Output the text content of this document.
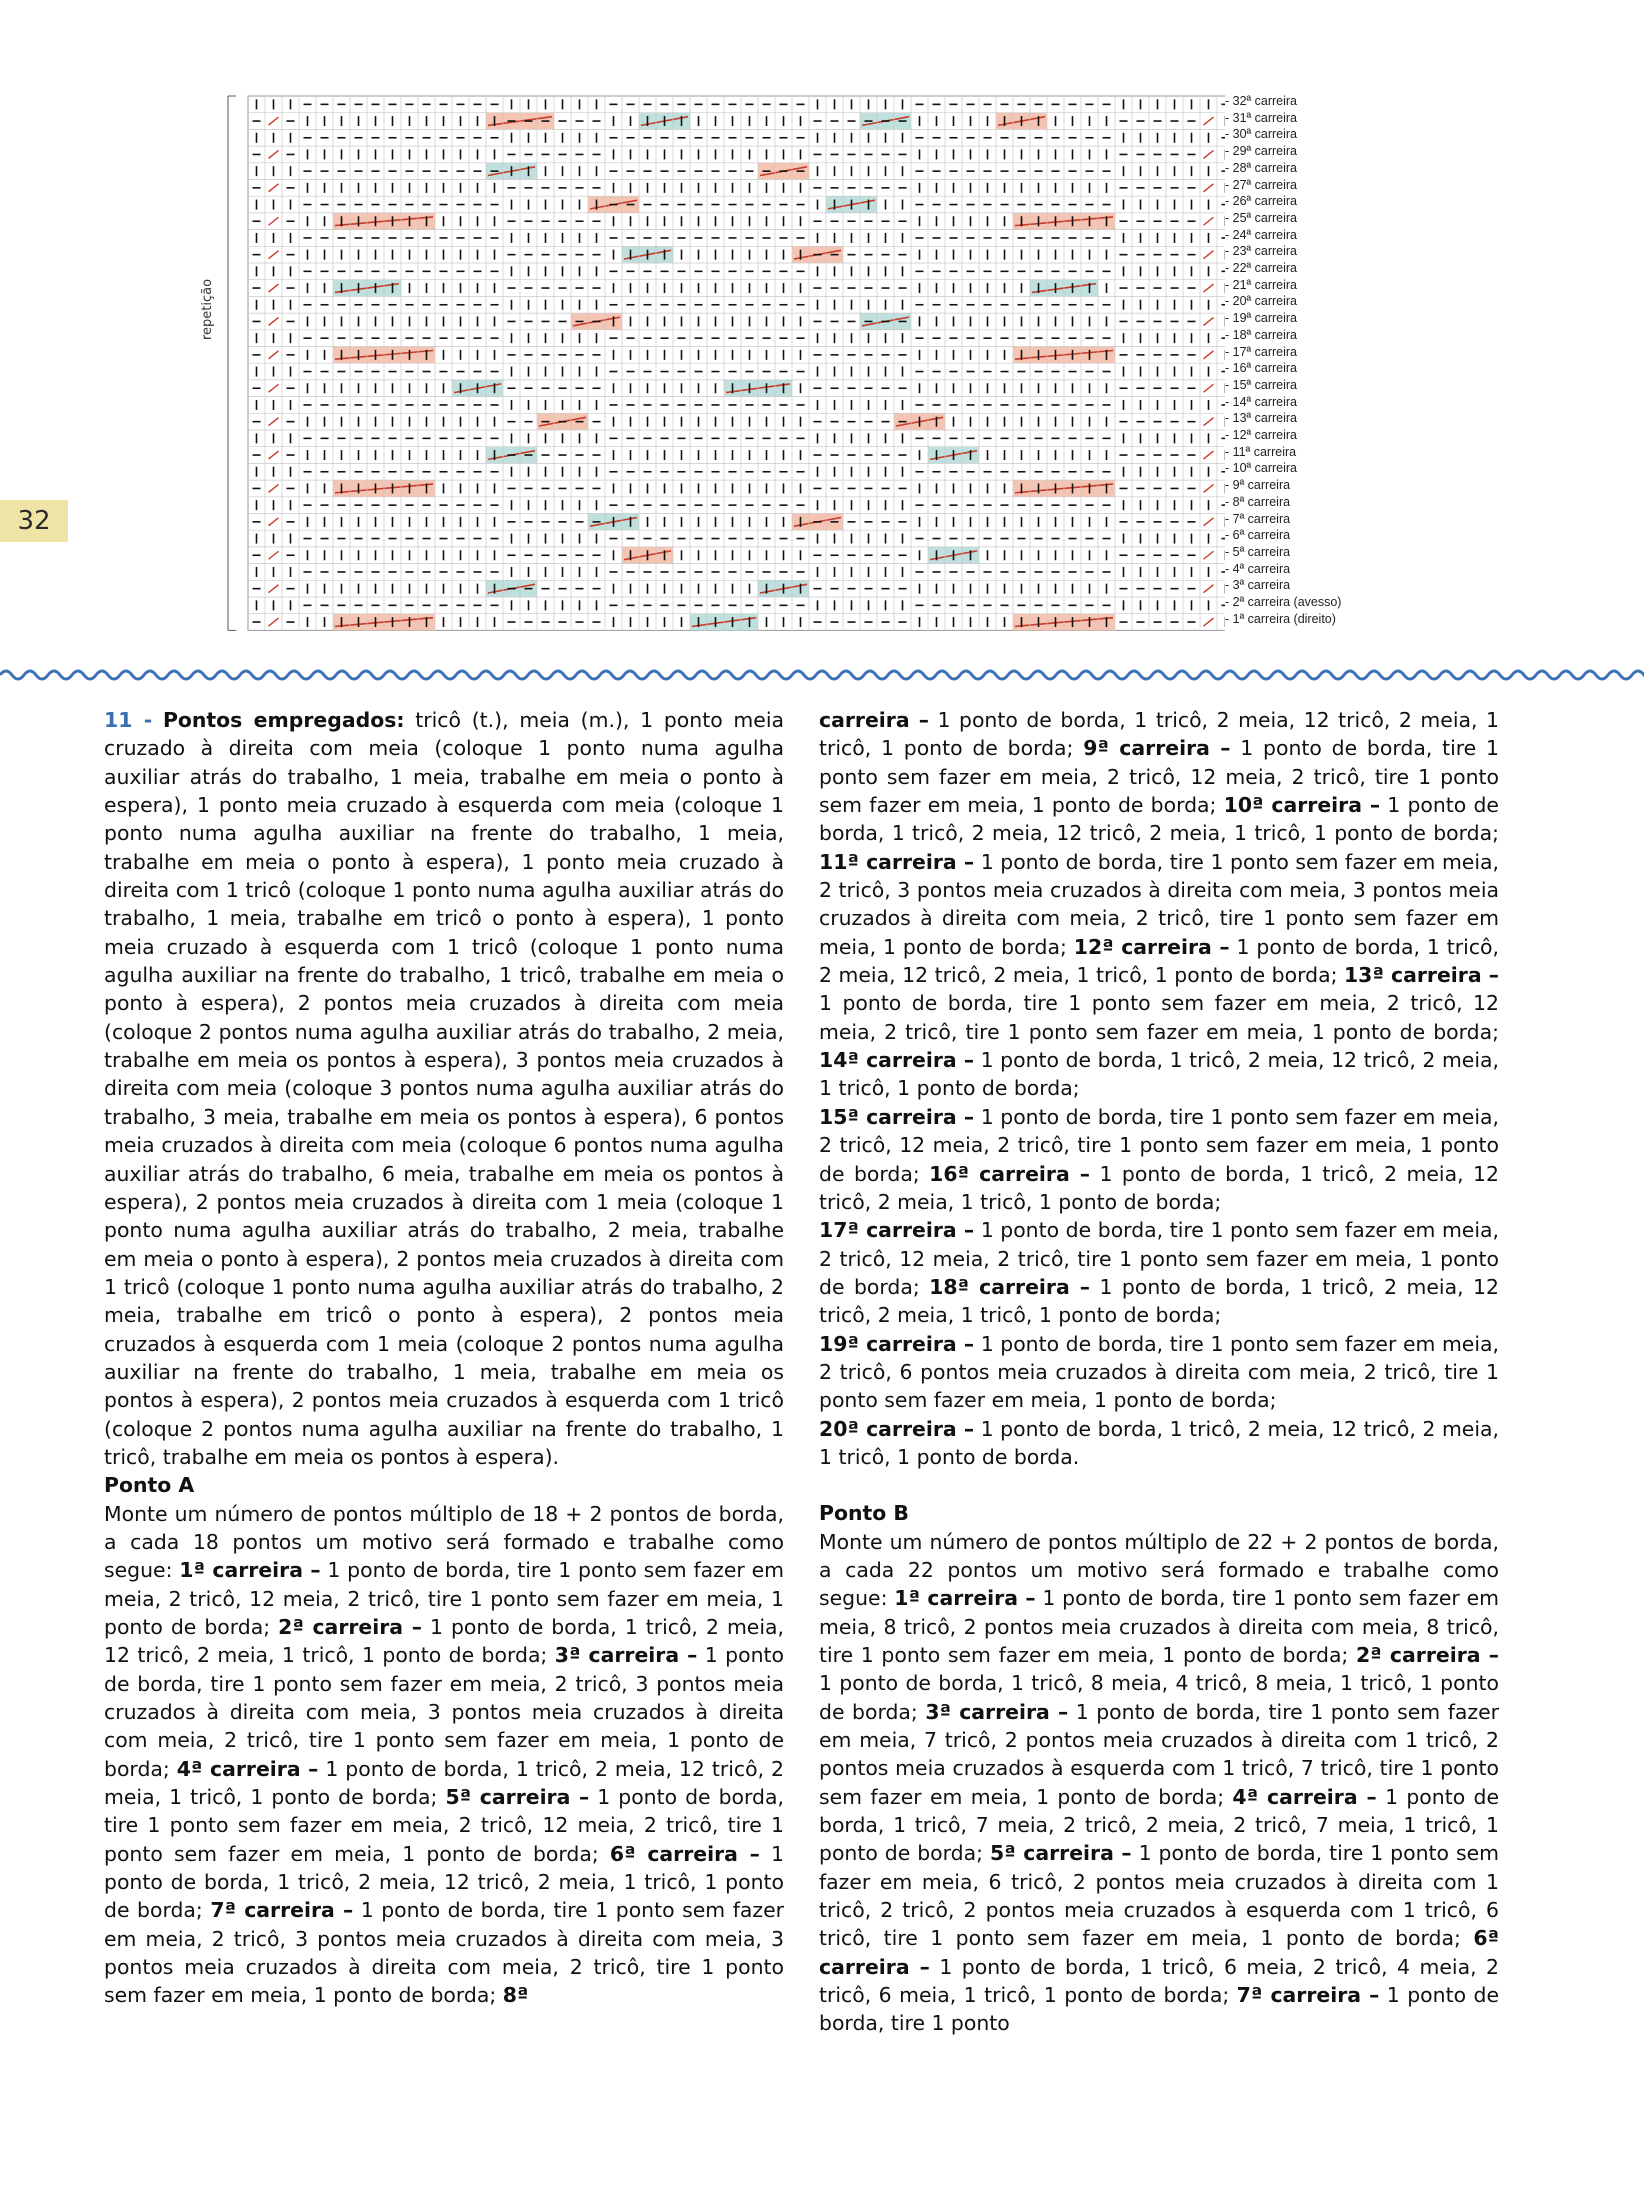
32
repetição
- 32ª carreira
- 31ª carreira
- 30ª carreira
- 29ª carreira
- 28ª carreira
- 27ª carreira
- 26ª carreira
- 25ª carreira
- 24ª carreira
- 23ª carreira
- 22ª carreira
- 21ª carreira
- 20ª carreira
- 19ª carreira
- 18ª carreira
- 17ª carreira
- 16ª carreira
- 15ª carreira
- 14ª carreira
- 13ª carreira
- 12ª carreira
- 11ª carreira
- 10ª carreira
- 9ª carreira
- 8ª carreira
- 7ª carreira
- 6ª carreira
- 5ª carreira
- 4ª carreira
- 3ª carreira
- 2ª carreira (avesso)
- 1ª carreira (direito)

11 - Pontos empregados: tricô (t.), meia (m.), 1 ponto meia cruzado à direita com meia (coloque 1 ponto numa agulha auxiliar atrás do trabalho, 1 meia, trabalhe em meia o ponto à espera), 1 ponto meia cruzado à esquerda com meia (coloque 1 ponto numa agulha auxiliar na frente do trabalho, 1 meia, trabalhe em meia o ponto à espera), 1 ponto meia cruzado à direita com 1 tricô (coloque 1 ponto numa agulha auxiliar atrás do trabalho, 1 meia, trabalhe em tricô o ponto à espera), 1 ponto meia cruzado à esquerda com 1 tricô (coloque 1 ponto numa agulha auxiliar na frente do trabalho, 1 tricô, trabalhe em meia o ponto à espera), 2 pontos meia cruzados à direita com meia (coloque 2 pontos numa agulha auxiliar atrás do trabalho, 2 meia, trabalhe em meia os pontos à espera), 3 pontos meia cruzados à direita com meia (coloque 3 pontos numa agulha auxiliar atrás do trabalho, 3 meia, trabalhe em meia os pontos à espera), 6 pontos meia cruzados à direita com meia (coloque 6 pontos numa agulha auxiliar atrás do trabalho, 6 meia, trabalhe em meia os pontos à espera), 2 pontos meia cruzados à direita com 1 meia (coloque 1 ponto numa agulha auxiliar atrás do trabalho, 2 meia, trabalhe em meia o ponto à espera), 2 pontos meia cruzados à direita com 1 tricô (coloque 1 ponto numa agulha auxiliar atrás do trabalho, 2 meia, trabalhe em tricô o ponto à espera), 2 pontos meia cruzados à esquerda com 1 meia (coloque 2 pontos numa agulha auxiliar na frente do trabalho, 1 meia, trabalhe em meia os pontos à espera), 2 pontos meia cruzados à esquerda com 1 tricô (coloque 2 pontos numa agulha auxiliar na frente do trabalho, 1 tricô, trabalhe em meia os pontos à espera).

Ponto A

Monte um número de pontos múltiplo de 18 + 2 pontos de borda, a cada 18 pontos um motivo será formado e trabalhe como segue: 1ª carreira – 1 ponto de borda, tire 1 ponto sem fazer em meia, 2 tricô, 12 meia, 2 tricô, tire 1 ponto sem fazer em meia, 1 ponto de borda; 2ª carreira – 1 ponto de borda, 1 tricô, 2 meia, 12 tricô, 2 meia, 1 tricô, 1 ponto de borda; 3ª carreira – 1 ponto de borda, tire 1 ponto sem fazer em meia, 2 tricô, 3 pontos meia cruzados à direita com meia, 3 pontos meia cruzados à direita com meia, 2 tricô, tire 1 ponto sem fazer em meia, 1 ponto de borda; 4ª carreira – 1 ponto de borda, 1 tricô, 2 meia, 12 tricô, 2 meia, 1 tricô, 1 ponto de borda; 5ª carreira – 1 ponto de borda, tire 1 ponto sem fazer em meia, 2 tricô, 12 meia, 2 tricô, tire 1 ponto sem fazer em meia, 1 ponto de borda; 6ª carreira – 1 ponto de borda, 1 tricô, 2 meia, 12 tricô, 2 meia, 1 tricô, 1 ponto de borda; 7ª carreira – 1 ponto de borda, tire 1 ponto sem fazer em meia, 2 tricô, 3 pontos meia cruzados à direita com meia, 3 pontos meia cruzados à direita com meia, 2 tricô, tire 1 ponto sem fazer em meia, 1 ponto de borda; 8ª

carreira – 1 ponto de borda, 1 tricô, 2 meia, 12 tricô, 2 meia, 1 tricô, 1 ponto de borda; 9ª carreira – 1 ponto de borda, tire 1 ponto sem fazer em meia, 2 tricô, 12 meia, 2 tricô, tire 1 ponto sem fazer em meia, 1 ponto de borda; 10ª carreira – 1 ponto de borda, 1 tricô, 2 meia, 12 tricô, 2 meia, 1 tricô, 1 ponto de borda; 11ª carreira – 1 ponto de borda, tire 1 ponto sem fazer em meia, 2 tricô, 3 pontos meia cruzados à direita com meia, 3 pontos meia cruzados à direita com meia, 2 tricô, tire 1 ponto sem fazer em meia, 1 ponto de borda; 12ª carreira – 1 ponto de borda, 1 tricô, 2 meia, 12 tricô, 2 meia, 1 tricô, 1 ponto de borda; 13ª carreira – 1 ponto de borda, tire 1 ponto sem fazer em meia, 2 tricô, 12 meia, 2 tricô, tire 1 ponto sem fazer em meia, 1 ponto de borda; 14ª carreira – 1 ponto de borda, 1 tricô, 2 meia, 12 tricô, 2 meia, 1 tricô, 1 ponto de borda;
15ª carreira – 1 ponto de borda, tire 1 ponto sem fazer em meia, 2 tricô, 12 meia, 2 tricô, tire 1 ponto sem fazer em meia, 1 ponto de borda; 16ª carreira – 1 ponto de borda, 1 tricô, 2 meia, 12 tricô, 2 meia, 1 tricô, 1 ponto de borda;
17ª carreira – 1 ponto de borda, tire 1 ponto sem fazer em meia, 2 tricô, 12 meia, 2 tricô, tire 1 ponto sem fazer em meia, 1 ponto de borda; 18ª carreira – 1 ponto de borda, 1 tricô, 2 meia, 12 tricô, 2 meia, 1 tricô, 1 ponto de borda;
19ª carreira – 1 ponto de borda, tire 1 ponto sem fazer em meia, 2 tricô, 6 pontos meia cruzados à direita com meia, 2 tricô, tire 1 ponto sem fazer em meia, 1 ponto de borda;
20ª carreira – 1 ponto de borda, 1 tricô, 2 meia, 12 tricô, 2 meia, 1 tricô, 1 ponto de borda.

Ponto B

Monte um número de pontos múltiplo de 22 + 2 pontos de borda, a cada 22 pontos um motivo será formado e trabalhe como segue: 1ª carreira – 1 ponto de borda, tire 1 ponto sem fazer em meia, 8 tricô, 2 pontos meia cruzados à direita com meia, 8 tricô, tire 1 ponto sem fazer em meia, 1 ponto de borda; 2ª carreira – 1 ponto de borda, 1 tricô, 8 meia, 4 tricô, 8 meia, 1 tricô, 1 ponto de borda; 3ª carreira – 1 ponto de borda, tire 1 ponto sem fazer em meia, 7 tricô, 2 pontos meia cruzados à direita com 1 tricô, 2 pontos meia cruzados à esquerda com 1 tricô, 7 tricô, tire 1 ponto sem fazer em meia, 1 ponto de borda; 4ª carreira – 1 ponto de borda, 1 tricô, 7 meia, 2 tricô, 2 meia, 2 tricô, 7 meia, 1 tricô, 1 ponto de borda; 5ª carreira – 1 ponto de borda, tire 1 ponto sem fazer em meia, 6 tricô, 2 pontos meia cruzados à direita com 1 tricô, 2 tricô, 2 pontos meia cruzados à esquerda com 1 tricô, 6 tricô, tire 1 ponto sem fazer em meia, 1 ponto de borda; 6ª carreira – 1 ponto de borda, 1 tricô, 6 meia, 2 tricô, 4 meia, 2 tricô, 6 meia, 1 tricô, 1 ponto de borda; 7ª carreira – 1 ponto de borda, tire 1 ponto
